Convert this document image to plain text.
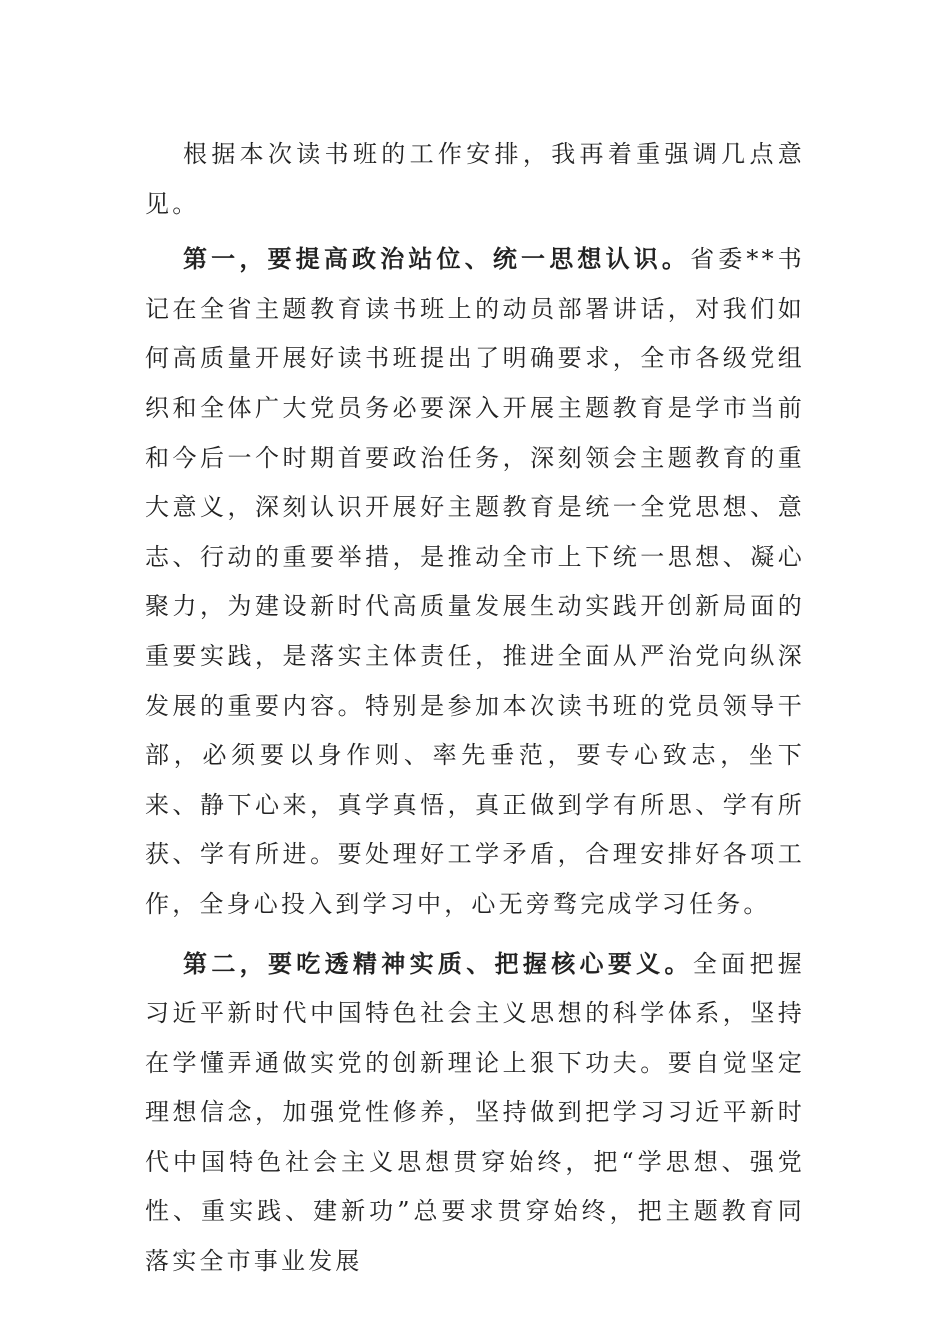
根据本次读书班的工作安排，我再着重强调几点意见。

第一，要提高政治站位、统一思想认识。省委**书记在全省主题教育读书班上的动员部署讲话，对我们如何高质量开展好读书班提出了明确要求，全市各级党组织和全体广大党员务必要深入开展主题教育是学市当前和今后一个时期首要政治任务，深刻领会主题教育的重大意义，深刻认识开展好主题教育是统一全党思想、意志、行动的重要举措，是推动全市上下统一思想、凝心聚力，为建设新时代高质量发展生动实践开创新局面的重要实践，是落实主体责任，推进全面从严治党向纵深发展的重要内容。特别是参加本次读书班的党员领导干部，必须要以身作则、率先垂范，要专心致志，坐下来、静下心来，真学真悟，真正做到学有所思、学有所获、学有所进。要处理好工学矛盾，合理安排好各项工作，全身心投入到学习中，心无旁骛完成学习任务。

第二，要吃透精神实质、把握核心要义。全面把握习近平新时代中国特色社会主义思想的科学体系，坚持在学懂弄通做实党的创新理论上狠下功夫。要自觉坚定理想信念，加强党性修养，坚持做到把学习习近平新时代中国特色社会主义思想贯穿始终，把“学思想、强党性、重实践、建新功”总要求贯穿始终，把主题教育同落实全市事业发展
